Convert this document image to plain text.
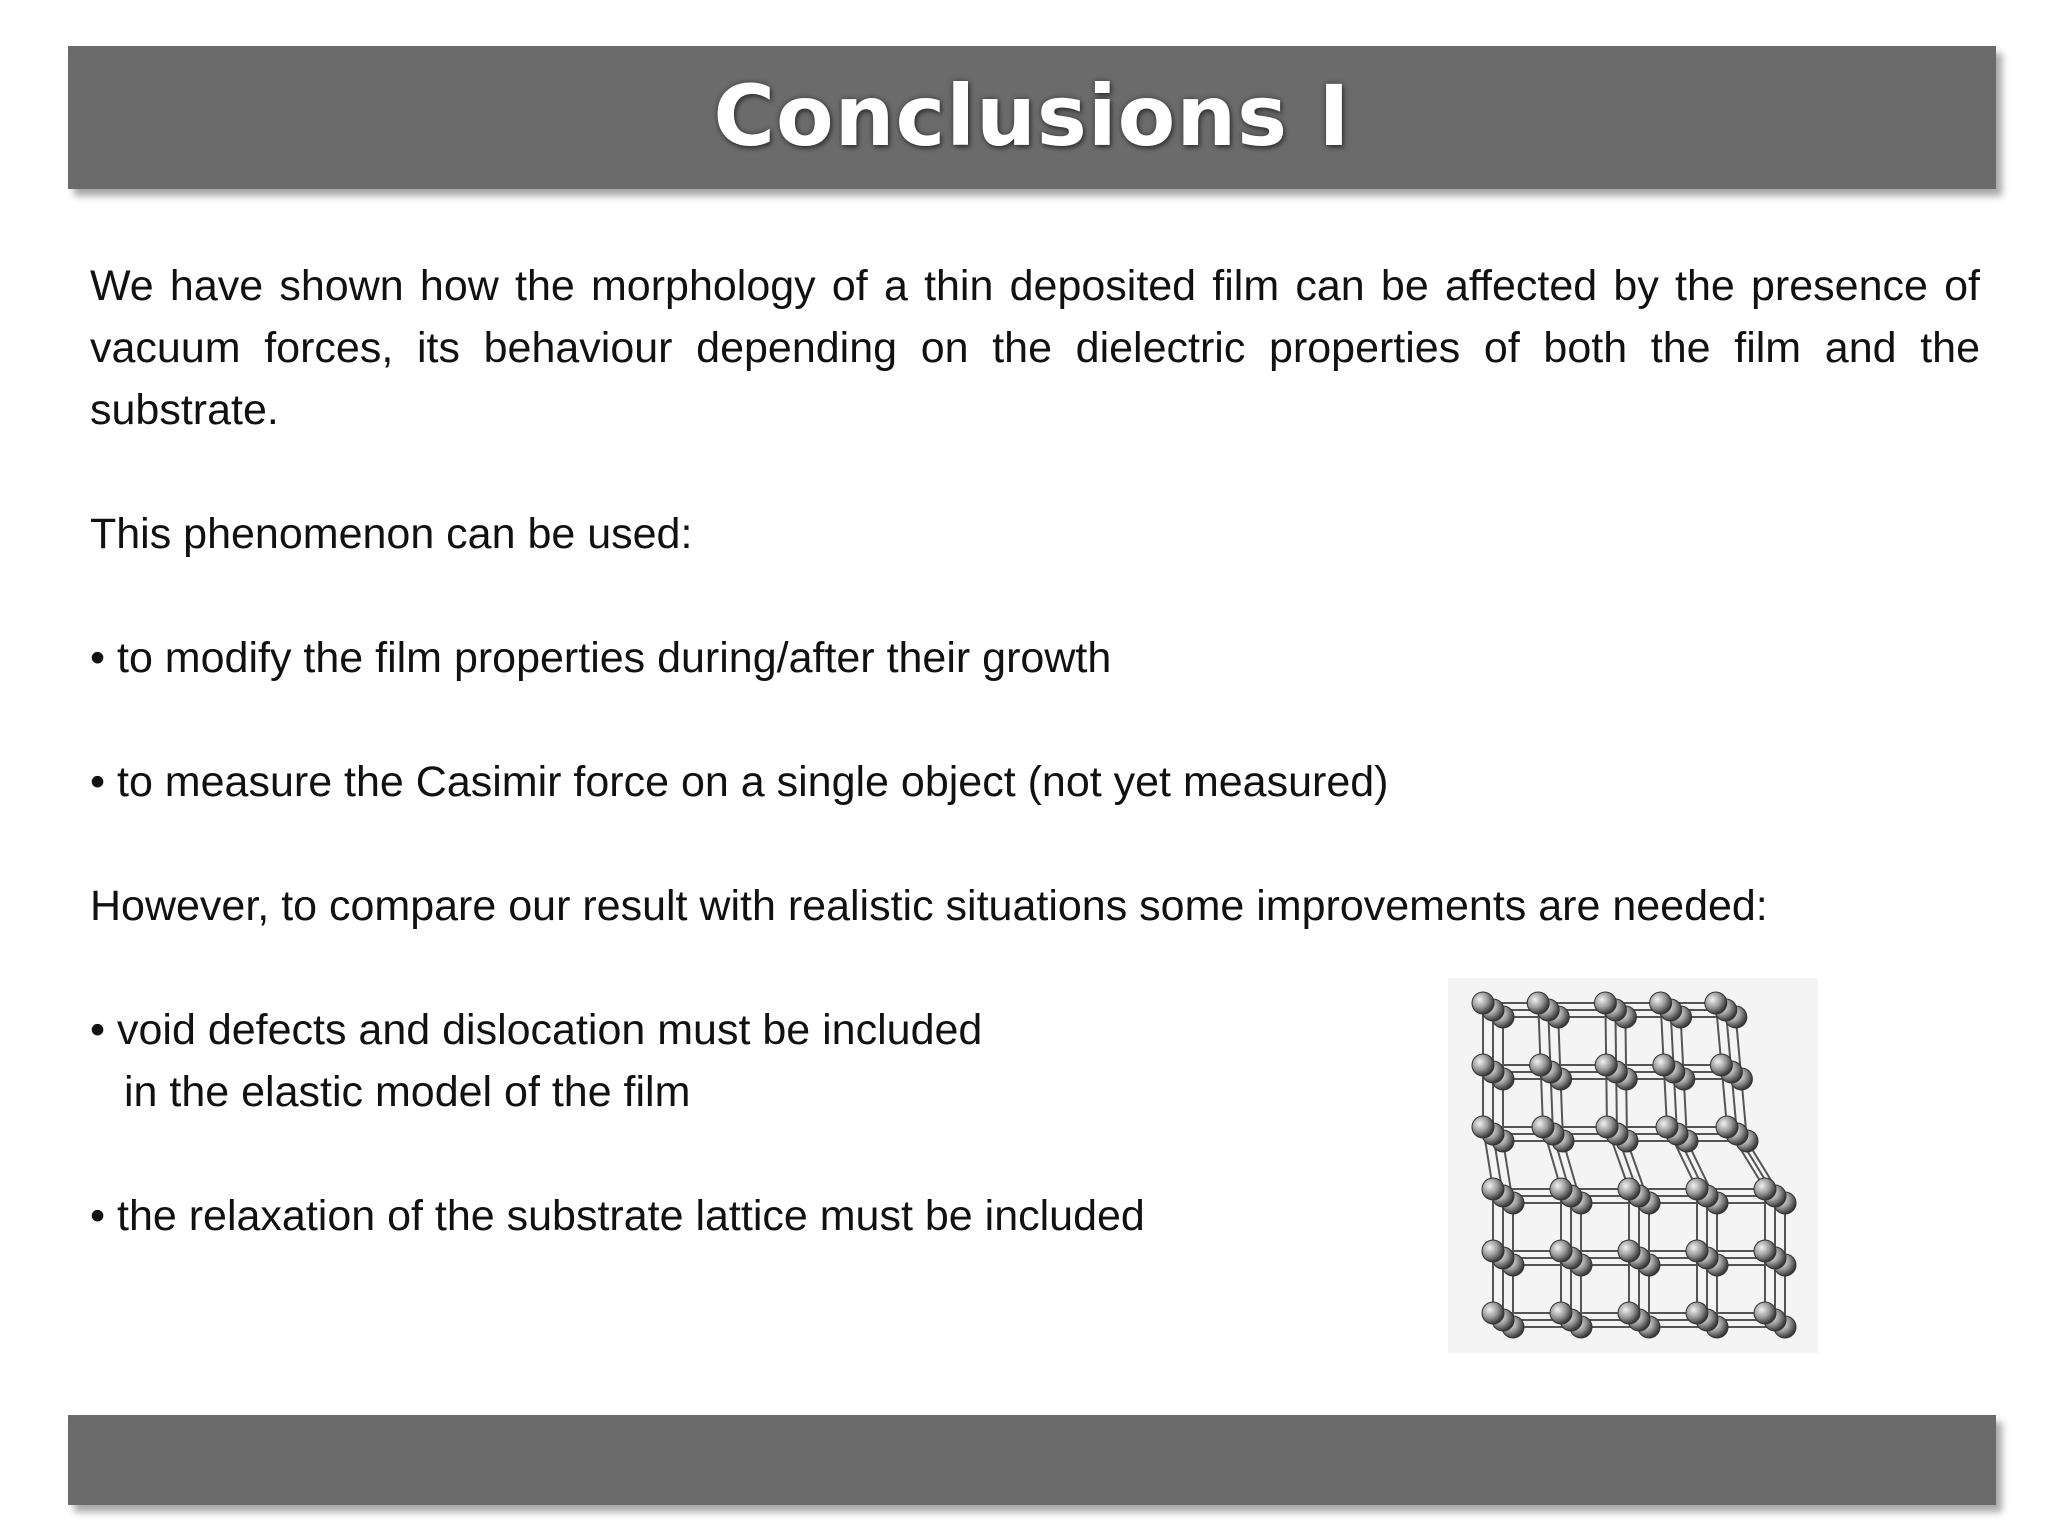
Conclusions I

We have shown how the morphology of a thin deposited film can be affected by the presence of vacuum forces, its behaviour depending on the dielectric properties of both the film and the substrate.

This phenomenon can be used:

• to modify the film properties during/after their growth

• to measure the Casimir force on a single object (not yet measured)

However, to compare our result with realistic situations some improvements are needed:

• void defects and dislocation must be included

in the elastic model of the film

• the relaxation of the substrate lattice must be included
